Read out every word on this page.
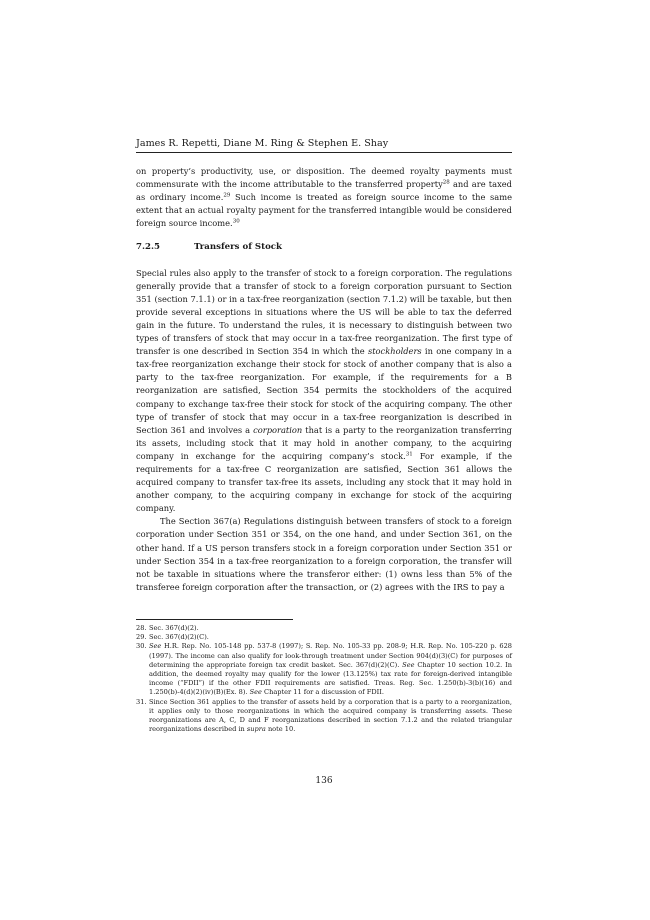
James R. Repetti, Diane M. Ring & Stephen E. Shay

on property’s productivity, use, or disposition. The deemed royalty payments must commensurate with the income attributable to the transferred property$^{28}$ and are taxed as ordinary income.$^{29}$ Such income is treated as foreign source income to the same extent that an actual royalty payment for the transferred intangible would be considered foreign source income.$^{30}$

7.2.5	Transfers of Stock

Special rules also apply to the transfer of stock to a foreign corporation. The regulations generally provide that a transfer of stock to a foreign corporation pursuant to Section 351 (section 7.1.1) or in a tax-free reorganization (section 7.1.2) will be taxable, but then provide several exceptions in situations where the US will be able to tax the deferred gain in the future. To understand the rules, it is necessary to distinguish between two types of transfers of stock that may occur in a tax-free reorganization. The first type of transfer is one described in Section 354 in which the stockholders in one company in a tax-free reorganization exchange their stock for stock of another company that is also a party to the tax-free reorganization. For example, if the requirements for a B reorganization are satisfied, Section 354 permits the stockholders of the acquired company to exchange tax-free their stock for stock of the acquiring company. The other type of transfer of stock that may occur in a tax-free reorganization is described in Section 361 and involves a corporation that is a party to the reorganization transferring its assets, including stock that it may hold in another company, to the acquiring company in exchange for the acquiring company’s stock.$^{31}$ For example, if the requirements for a tax-free C reorganization are satisfied, Section 361 allows the acquired company to transfer tax-free its assets, including any stock that it may hold in another company, to the acquiring company in exchange for stock of the acquiring company.

The Section 367(a) Regulations distinguish between transfers of stock to a foreign corporation under Section 351 or 354, on the one hand, and under Section 361, on the other hand. If a US person transfers stock in a foreign corporation under Section 351 or under Section 354 in a tax-free reorganization to a foreign corporation, the transfer will not be taxable in situations where the transferor either: (1) owns less than 5% of the transferee foreign corporation after the transaction, or (2) agrees with the IRS to pay a

28. Sec. 367(d)(2).
29. Sec. 367(d)(2)(C).
30. See H.R. Rep. No. 105-148 pp. 537-8 (1997); S. Rep. No. 105-33 pp. 208-9; H.R. Rep. No. 105-220 p. 628 (1997). The income can also qualify for look-through treatment under Section 904(d)(3)(C) for purposes of determining the appropriate foreign tax credit basket. Sec. 367(d)(2)(C). See Chapter 10 section 10.2. In addition, the deemed royalty may qualify for the lower (13.125%) tax rate for foreign-derived intangible income (“FDII”) if the other FDII requirements are satisfied. Treas. Reg. Sec. 1.250(b)-3(b)(16) and 1.250(b)-4(d)(2)(iv)(B)(Ex. 8). See Chapter 11 for a discussion of FDII.
31. Since Section 361 applies to the transfer of assets held by a corporation that is a party to a reorganization, it applies only to those reorganizations in which the acquired company is transferring assets. These reorganizations are A, C, D and F reorganizations described in section 7.1.2 and the related triangular reorganizations described in supra note 10.
136
